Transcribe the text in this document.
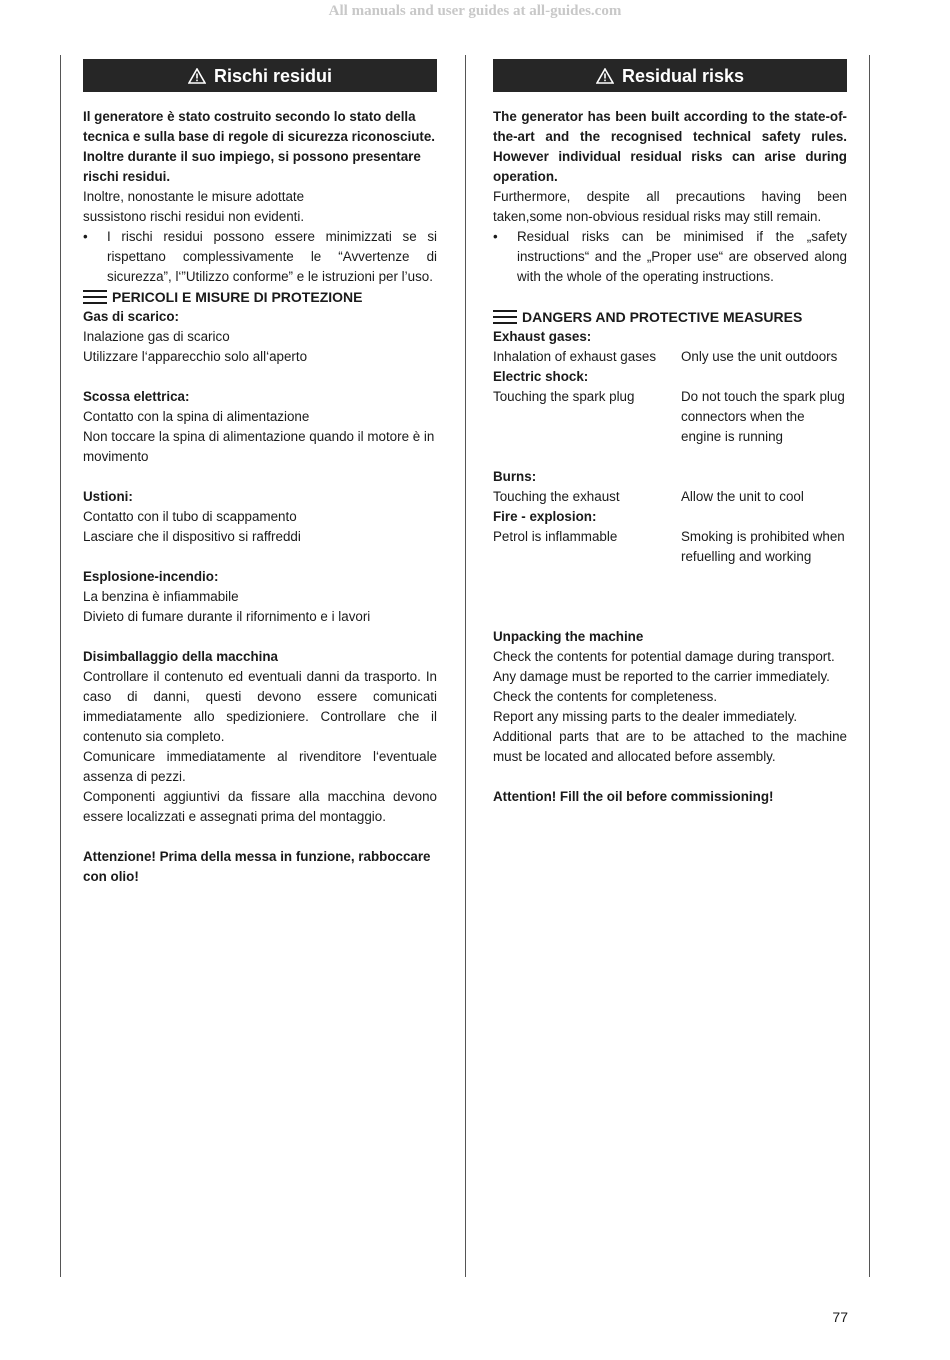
All manuals and user guides at all-guides.com
Rischi residui

Il generatore è stato costruito secondo lo stato della tecnica e sulla base di regole di sicurezza riconosciute. Inoltre durante il suo impiego, si possono presentare rischi residui.

Inoltre, nonostante le misure adottate

sussistono rischi residui non evidenti.

•	I rischi residui possono essere minimizzati se si rispettano complessivamente le “Avvertenze di sicurezza”, l‘”Utilizzo conforme” e le istruzioni per l’uso.
PERICOLI E MISURE DI PROTEZIONE

Gas di scarico:

Inalazione gas di scarico

Utilizzare l‘apparecchio solo all‘aperto

Scossa elettrica:

Contatto con la spina di alimentazione

Non toccare la spina di alimentazione quando il motore è in movimento

Ustioni:

Contatto con il tubo di scappamento

Lasciare che il dispositivo si raffreddi

Esplosione-incendio:

La benzina è infiammabile

Divieto di fumare durante il rifornimento e i lavori

Disimballaggio della macchina

Controllare il contenuto ed eventuali danni da trasporto. In caso di danni, questi devono essere comunicati immediatamente allo spedizioniere. Controllare che il contenuto sia completo.

Comunicare immediatamente al rivenditore l‘eventuale assenza di pezzi.

Componenti aggiuntivi da fissare alla macchina devono essere localizzati e assegnati prima del montaggio.

Attenzione! Prima della messa in funzione, rabboccare con olio!

Residual risks

The generator has been built according to the state-of-the-art and the recognised technical safety rules. However individual residual risks can arise during operation.

Furthermore, despite all precautions having been taken,some non-obvious residual risks may still remain.

•	Residual risks can be minimised if the „safety instructions“ and the „Proper use“ are observed along with the whole of the operating instructions.
DANGERS AND PROTECTIVE MEASURES

Exhaust gases:

Inhalation of exhaust gases	Only use the unit outdoors

Electric shock:

Touching the spark plug	Do not touch the spark plug connectors when the engine is running

Burns:

Touching the exhaust	Allow the unit to cool

Fire - explosion:

Petrol is inflammable	Smoking is prohibited when refuelling and working

Unpacking the machine

Check the contents for potential damage during transport.

Any damage must be reported to the carrier immediately.

Check the contents for completeness.

Report any missing parts to the dealer immediately.

Additional parts that are to be attached to the machine must be located and allocated before assembly.

Attention! Fill the oil before commissioning!

77
